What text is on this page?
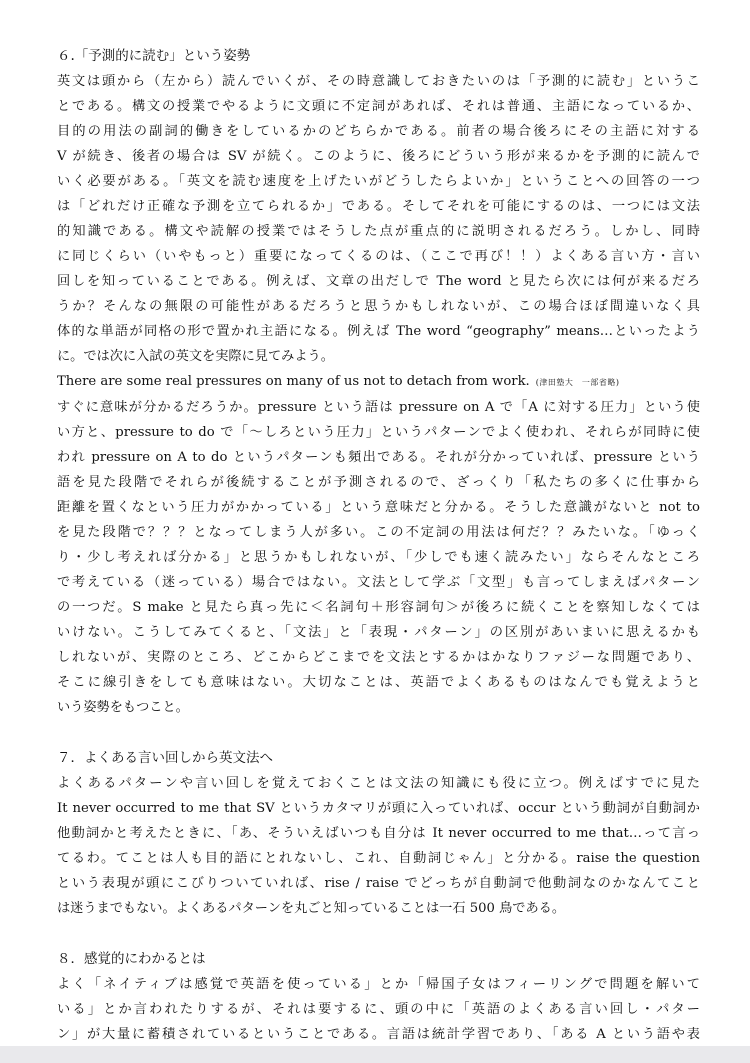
６.「予測的に読む」という姿勢
英文は頭から（左から）読んでいくが、その時意識しておきたいのは「予測的に読む」というこ
とである。構文の授業でやるように文頭に不定詞があれば、それは普通、主語になっているか、
目的の用法の副詞的働きをしているかのどちらかである。前者の場合後ろにその主語に対する
V が続き、後者の場合は SV が続く。このように、後ろにどういう形が来るかを予測的に読んで
いく必要がある。「英文を読む速度を上げたいがどうしたらよいか」ということへの回答の一つ
は「どれだけ正確な予測を立てられるか」である。そしてそれを可能にするのは、一つには文法
的知識である。構文や読解の授業ではそうした点が重点的に説明されるだろう。しかし、同時
に同じくらい（いやもっと）重要になってくるのは、（ここで再び！！）よくある言い方・言い
回しを知っていることである。例えば、文章の出だしで The word と見たら次には何が来るだろ
うか？そんなの無限の可能性があるだろうと思うかもしれないが、この場合ほぼ間違いなく具
体的な単語が同格の形で置かれ主語になる。例えば The word “geography” means…といったよう
に。では次に入試の英文を実際に見てみよう。
There are some real pressures on many of us not to detach from work. (津田塾大　一部省略)
すぐに意味が分かるだろうか。pressure という語は pressure on A で「A に対する圧力」という使
い方と、pressure to do で「～しろという圧力」というパターンでよく使われ、それらが同時に使
われ pressure on A to do というパターンも頻出である。それが分かっていれば、pressure という
語を見た段階でそれらが後続することが予測されるので、ざっくり「私たちの多くに仕事から
距離を置くなという圧力がかかっている」という意味だと分かる。そうした意識がないと not to
を見た段階で？？？となってしまう人が多い。この不定詞の用法は何だ？？みたいな。「ゆっく
り・少し考えれば分かる」と思うかもしれないが、「少しでも速く読みたい」ならそんなところ
で考えている（迷っている）場合ではない。文法として学ぶ「文型」も言ってしまえばパターン
の一つだ。S make と見たら真っ先に＜名詞句＋形容詞句＞が後ろに続くことを察知しなくては
いけない。こうしてみてくると、「文法」と「表現・パターン」の区別があいまいに思えるかも
しれないが、実際のところ、どこからどこまでを文法とするかはかなりファジーな問題であり、
そこに線引きをしても意味はない。大切なことは、英語でよくあるものはなんでも覚えようと
いう姿勢をもつこと。
７．よくある言い回しから英文法へ
よくあるパターンや言い回しを覚えておくことは文法の知識にも役に立つ。例えばすでに見た
It never occurred to me that SV というカタマリが頭に入っていれば、occur という動詞が自動詞か
他動詞かと考えたときに、「あ、そういえばいつも自分は It never occurred to me that…って言っ
てるわ。てことは人も目的語にとれないし、これ、自動詞じゃん」と分かる。raise the question
という表現が頭にこびりついていれば、rise / raise でどっちが自動詞で他動詞なのかなんてこと
は迷うまでもない。よくあるパターンを丸ごと知っていることは一石 500 鳥である。
８．感覚的にわかるとは
よく「ネイティブは感覚で英語を使っている」とか「帰国子女はフィーリングで問題を解いて
いる」とか言われたりするが、それは要するに、頭の中に「英語のよくある言い回し・パター
ン」が大量に蓄積されているということである。言語は統計学習であり、「ある A という語や表
